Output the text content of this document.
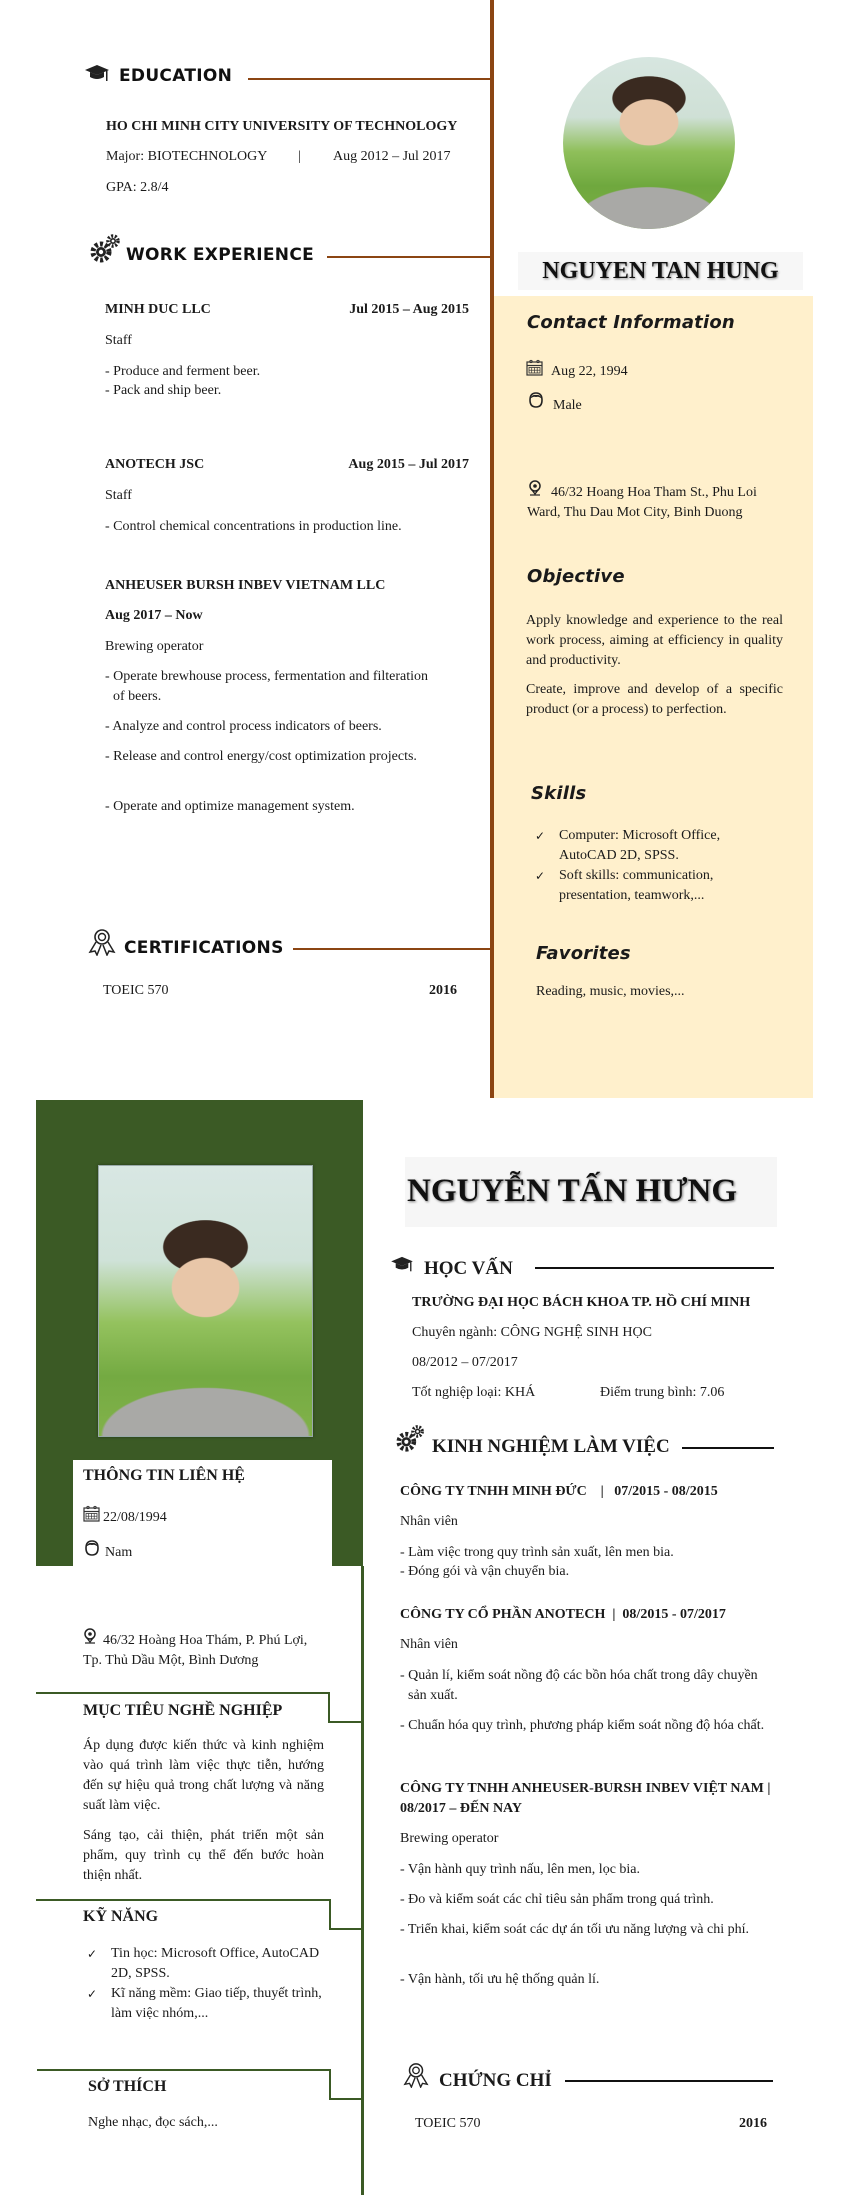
EDUCATION
HO CHI MINH CITY UNIVERSITY OF TECHNOLOGY
Major: BIOTECHNOLOGY	|	Aug 2012 – Jul 2017
GPA: 2.8/4
WORK EXPERIENCE
MINH DUC LLC	Jul 2015 – Aug 2015
Staff
- Produce and ferment beer.
- Pack and ship beer.
ANOTECH JSC	Aug 2015 – Jul 2017
Staff
- Control chemical concentrations in production line.
ANHEUSER BURSH INBEV VIETNAM LLC
Aug 2017 – Now
Brewing operator
- Operate brewhouse process, fermentation and filteration of beers.
- Analyze and control process indicators of beers.
- Release and control energy/cost optimization projects.
- Operate and optimize management system.
CERTIFICATIONS
TOEIC 570	2016
NGUYEN TAN HUNG
Contact Information
Aug 22, 1994
Male
46/32 Hoang Hoa Tham St., Phu Loi Ward, Thu Dau Mot City, Binh Duong
Objective
Apply knowledge and experience to the real work process, aiming at efficiency in quality and productivity.
Create, improve and develop of a specific product (or a process) to perfection.
Skills
✓ Computer: Microsoft Office, AutoCAD 2D, SPSS.
✓ Soft skills: communication, presentation, teamwork,...
Favorites
Reading, music, movies,...
THÔNG TIN LIÊN HỆ
22/08/1994
Nam
46/32 Hoàng Hoa Thám, P. Phú Lợi, Tp. Thủ Dầu Một, Bình Dương
MỤC TIÊU NGHỀ NGHIỆP
Áp dụng được kiến thức và kinh nghiệm vào quá trình làm việc thực tiễn, hướng đến sự hiệu quả trong chất lượng và năng suất làm việc.
Sáng tạo, cải thiện, phát triển một sản phẩm, quy trình cụ thể đến bước hoàn thiện nhất.
KỸ NĂNG
✓ Tin học: Microsoft Office, AutoCAD 2D, SPSS.
✓ Kĩ năng mềm: Giao tiếp, thuyết trình, làm việc nhóm,...
SỞ THÍCH
Nghe nhạc, đọc sách,...
NGUYỄN TẤN HƯNG
HỌC VẤN
TRƯỜNG ĐẠI HỌC BÁCH KHOA TP. HỒ CHÍ MINH
Chuyên ngành: CÔNG NGHỆ SINH HỌC
08/2012 – 07/2017
Tốt nghiệp loại: KHÁ	Điểm trung bình: 7.06
KINH NGHIỆM LÀM VIỆC
CÔNG TY TNHH MINH ĐỨC    |   07/2015 - 08/2015
Nhân viên
- Làm việc trong quy trình sản xuất, lên men bia.
- Đóng gói và vận chuyển bia.
CÔNG TY CỔ PHẦN ANOTECH  |  08/2015 - 07/2017
Nhân viên
- Quản lí, kiểm soát nồng độ các bồn hóa chất trong dây chuyền sản xuất.
- Chuẩn hóa quy trình, phương pháp kiểm soát nồng độ hóa chất.
CÔNG TY TNHH ANHEUSER-BURSH INBEV VIỆT NAM | 08/2017 – ĐẾN NAY
Brewing operator
- Vận hành quy trình nấu, lên men, lọc bia.
- Đo và kiểm soát các chỉ tiêu sản phẩm trong quá trình.
- Triển khai, kiểm soát các dự án tối ưu năng lượng và chi phí.
- Vận hành, tối ưu hệ thống quản lí.
CHỨNG CHỈ
TOEIC 570	2016
